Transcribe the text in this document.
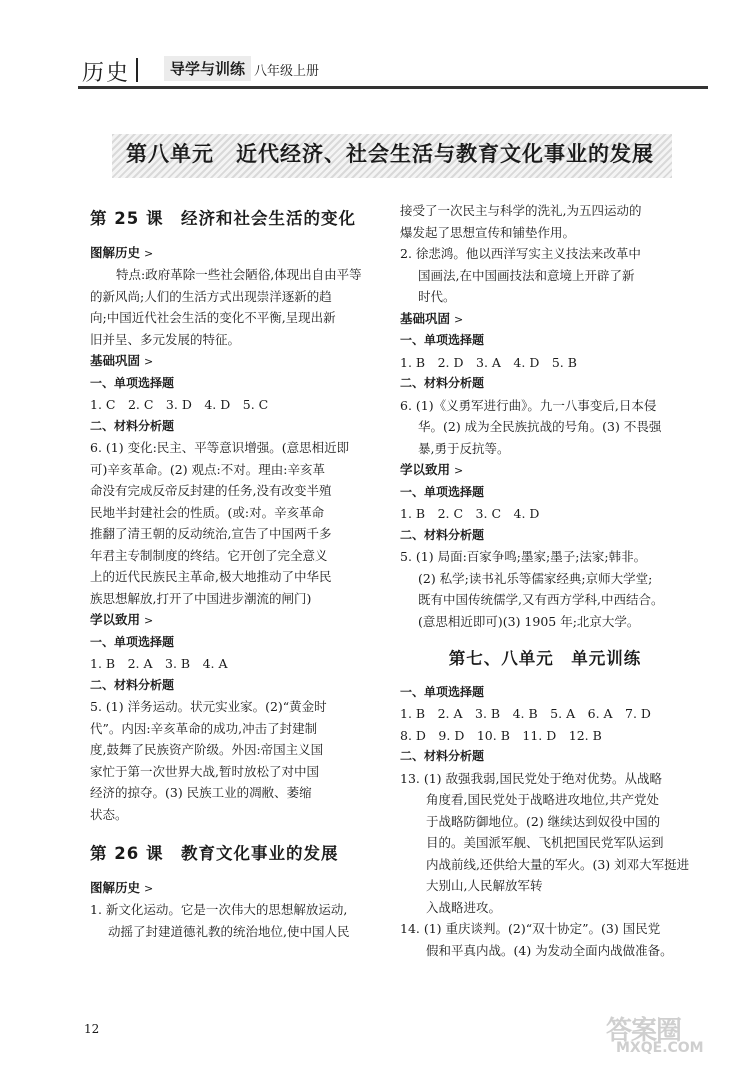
历史	导学与训练 八年级上册
第八单元　近代经济、社会生活与教育文化事业的发展
第 25 课　经济和社会生活的变化
图解历史 >
特点:政府革除一些社会陋俗,体现出自由平等
的新风尚;人们的生活方式出现崇洋逐新的趋
向;中国近代社会生活的变化不平衡,呈现出新
旧并呈、多元发展的特征。
基础巩固 >
一、单项选择题
1. C　2. C　3. D　4. D　5. C
二、材料分析题
6. (1) 变化:民主、平等意识增强。(意思相近即
可)辛亥革命。(2) 观点:不对。理由:辛亥革
命没有完成反帝反封建的任务,没有改变半殖
民地半封建社会的性质。(或:对。辛亥革命
推翻了清王朝的反动统治,宣告了中国两千多
年君主专制制度的终结。它开创了完全意义
上的近代民族民主革命,极大地推动了中华民
族思想解放,打开了中国进步潮流的闸门)
学以致用 >
一、单项选择题
1. B　2. A　3. B　4. A
二、材料分析题
5. (1) 洋务运动。状元实业家。(2)“黄金时
代”。内因:辛亥革命的成功,冲击了封建制
度,鼓舞了民族资产阶级。外因:帝国主义国
家忙于第一次世界大战,暂时放松了对中国
经济的掠夺。(3) 民族工业的凋敝、萎缩
状态。
第 26 课　教育文化事业的发展
图解历史 >
1. 新文化运动。它是一次伟大的思想解放运动,
动摇了封建道德礼教的统治地位,使中国人民
接受了一次民主与科学的洗礼,为五四运动的
爆发起了思想宣传和铺垫作用。
2. 徐悲鸿。他以西洋写实主义技法来改革中
国画法,在中国画技法和意境上开辟了新
时代。
基础巩固 >
一、单项选择题
1. B　2. D　3. A　4. D　5. B
二、材料分析题
6. (1)《义勇军进行曲》。九一八事变后,日本侵
华。(2) 成为全民族抗战的号角。(3) 不畏强
暴,勇于反抗等。
学以致用 >
一、单项选择题
1. B　2. C　3. C　4. D
二、材料分析题
5. (1) 局面:百家争鸣;墨家;墨子;法家;韩非。
(2) 私学;读书礼乐等儒家经典;京师大学堂;
既有中国传统儒学,又有西方学科,中西结合。
(意思相近即可)(3) 1905 年;北京大学。
第七、八单元　单元训练
一、单项选择题
1. B　2. A　3. B　4. B　5. A　6. A　7. D
8. D　9. D　10. B　11. D　12. B
二、材料分析题
13. (1) 敌强我弱,国民党处于绝对优势。从战略
角度看,国民党处于战略进攻地位,共产党处
于战略防御地位。(2) 继续达到奴役中国的
目的。美国派军舰、飞机把国民党军队运到
内战前线,还供给大量的军火。(3) 刘邓大军挺进大别山,人民解放军转
入战略进攻。
14. (1) 重庆谈判。(2)“双十协定”。(3) 国民党
假和平真内战。(4) 为发动全面内战做准备。
12	答案圈
MXQE.COM
